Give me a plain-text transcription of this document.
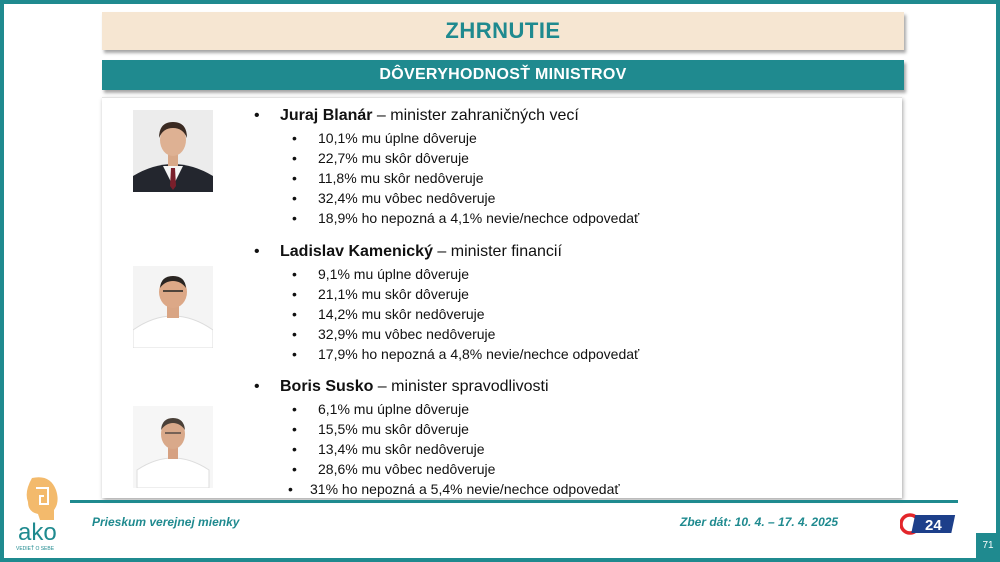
ZHRNUTIE
DÔVERYHODNOSŤ MINISTROV
• Juraj Blanár – minister zahraničných vecí
• 10,1% mu úplne dôveruje
• 22,7% mu skôr dôveruje
• 11,8% mu skôr nedôveruje
• 32,4% mu vôbec nedôveruje
• 18,9% ho nepozná a 4,1% nevie/nechce odpovedať
• Ladislav Kamenický – minister financií
• 9,1% mu úplne dôveruje
• 21,1% mu skôr dôveruje
• 14,2% mu skôr nedôveruje
• 32,9% mu vôbec nedôveruje
• 17,9% ho nepozná a 4,8% nevie/nechce odpovedať
• Boris Susko – minister spravodlivosti
• 6,1% mu úplne dôveruje
• 15,5% mu skôr dôveruje
• 13,4% mu skôr nedôveruje
• 28,6% mu vôbec nedôveruje
• 31% ho nepozná a 5,4% nevie/nechce odpovedať
ako
VEDIEŤ O SEBE
Prieskum verejnej mienky	Zber dát: 10. 4. – 17. 4. 2025	24
71
